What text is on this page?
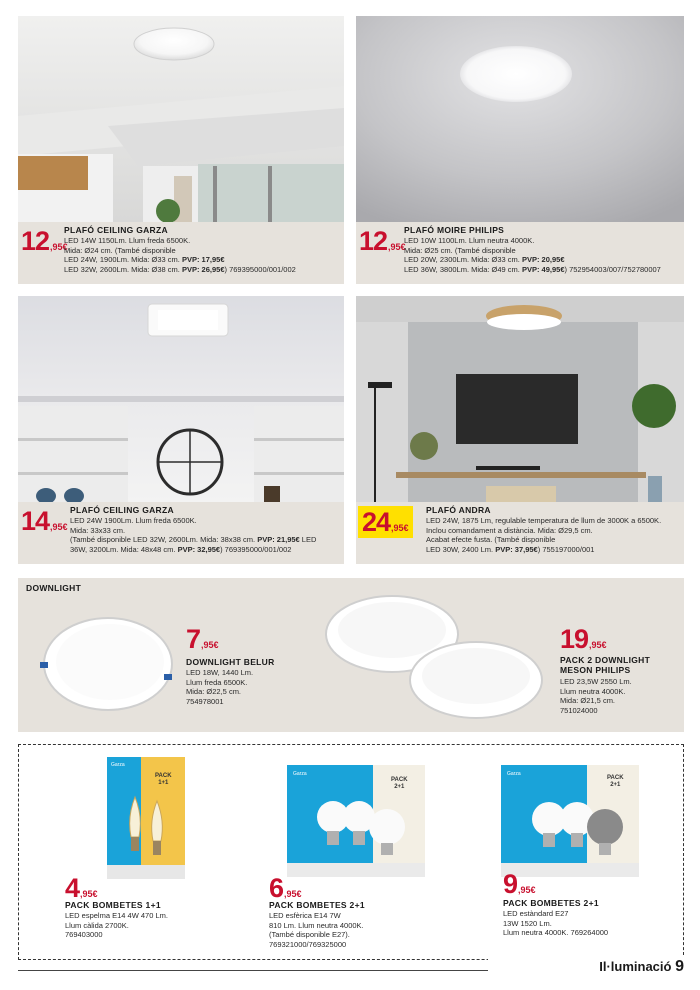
12,95€
PLAFÓ CEILING GARZA
LED 14W 1150Lm. Llum freda 6500K.
Mida: Ø24 cm. (També disponible
LED 24W, 1900Lm. Mida: Ø33 cm. PVP: 17,95€
LED 32W, 2600Lm. Mida: Ø38 cm. PVP: 26,95€) 769395000/001/002
12,95€
PLAFÓ MOIRE PHILIPS
LED 10W 1100Lm. Llum neutra 4000K.
Mida: Ø25 cm. (També disponible
LED 20W, 2300Lm. Mida: Ø33 cm. PVP: 20,95€
LED 36W, 3800Lm. Mida: Ø49 cm. PVP: 49,95€) 752954003/007/752780007
14,95€
PLAFÓ CEILING GARZA
LED 24W 1900Lm. Llum freda 6500K.
Mida: 33x33 cm.
(També disponible LED 32W, 2600Lm. Mida: 38x38 cm. PVP: 21,95€ LED
36W, 3200Lm. Mida: 48x48 cm. PVP: 32,95€) 769395000/001/002
24,95€
PLAFÓ ANDRA
LED 24W, 1875 Lm, regulable temperatura de llum de 3000K a 6500K.
Inclou comandament a distància. Mida: Ø29,5 cm.
Acabat efecte fusta. (També disponible
LED 30W, 2400 Lm. PVP: 37,95€) 755197000/001
DOWNLIGHT
7,95€
DOWNLIGHT BELUR
LED 18W, 1440 Lm.
Llum freda 6500K.
Mida: Ø22,5 cm.
754978001
19,95€
PACK 2 DOWNLIGHT
MESON PHILIPS
LED 23,5W 2550 Lm.
Llum neutra 4000K.
Mida: Ø21,5 cm.
751024000
Garza
PACK
1+1
4,95€
PACK BOMBETES 1+1
LED espelma E14 4W 470 Lm.
Llum càlida 2700K.
769403000
Garza
PACK
2+1
6,95€
PACK BOMBETES 2+1
LED esfèrica E14 7W
810 Lm. Llum neutra 4000K.
(També disponible E27).
769321000/769325000
Garza
PACK
2+1
9,95€
PACK BOMBETES 2+1
LED estàndard E27
13W 1520 Lm.
Llum neutra 4000K. 769264000
Il·luminació 9
